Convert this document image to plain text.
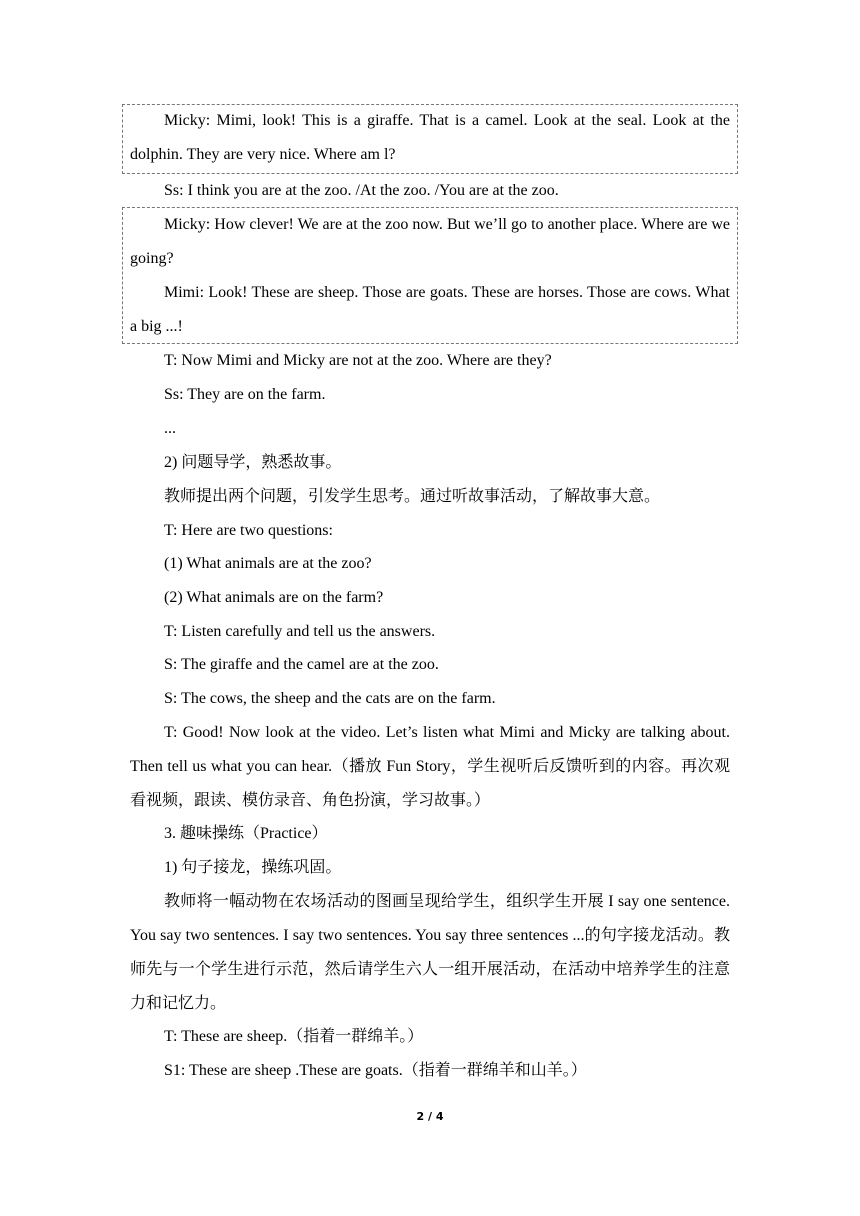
Micky: Mimi, look! This is a giraffe. That is a camel. Look at the seal. Look at the dolphin. They are very nice. Where am l?
Ss: I think you are at the zoo. /At the zoo. /You are at the zoo.
Micky: How clever! We are at the zoo now. But we’ll go to another place. Where are we going?
Mimi: Look! These are sheep. Those are goats. These are horses. Those are cows. What a big ...!
T: Now Mimi and Micky are not at the zoo. Where are they?
Ss: They are on the farm.
...
2) 问题导学，熟悉故事。
教师提出两个问题，引发学生思考。通过听故事活动，了解故事大意。
T: Here are two questions:
(1) What animals are at the zoo?
(2) What animals are on the farm?
T: Listen carefully and tell us the answers.
S: The giraffe and the camel are at the zoo.
S: The cows, the sheep and the cats are on the farm.
T: Good! Now look at the video. Let’s listen what Mimi and Micky are talking about. Then tell us what you can hear.（播放 Fun Story，学生视听后反馈听到的内容。再次观看视频，跟读、模仿录音、角色扮演，学习故事。）
3. 趣味操练（Practice）
1) 句子接龙，操练巩固。
教师将一幅动物在农场活动的图画呈现给学生，组织学生开展 I say one sentence. You say two sentences. I say two sentences. You say three sentences ...的句字接龙活动。教师先与一个学生进行示范，然后请学生六人一组开展活动，在活动中培养学生的注意力和记忆力。
T: These are sheep.（指着一群绵羊。）
S1: These are sheep .These are goats.（指着一群绵羊和山羊。）
2 / 4
